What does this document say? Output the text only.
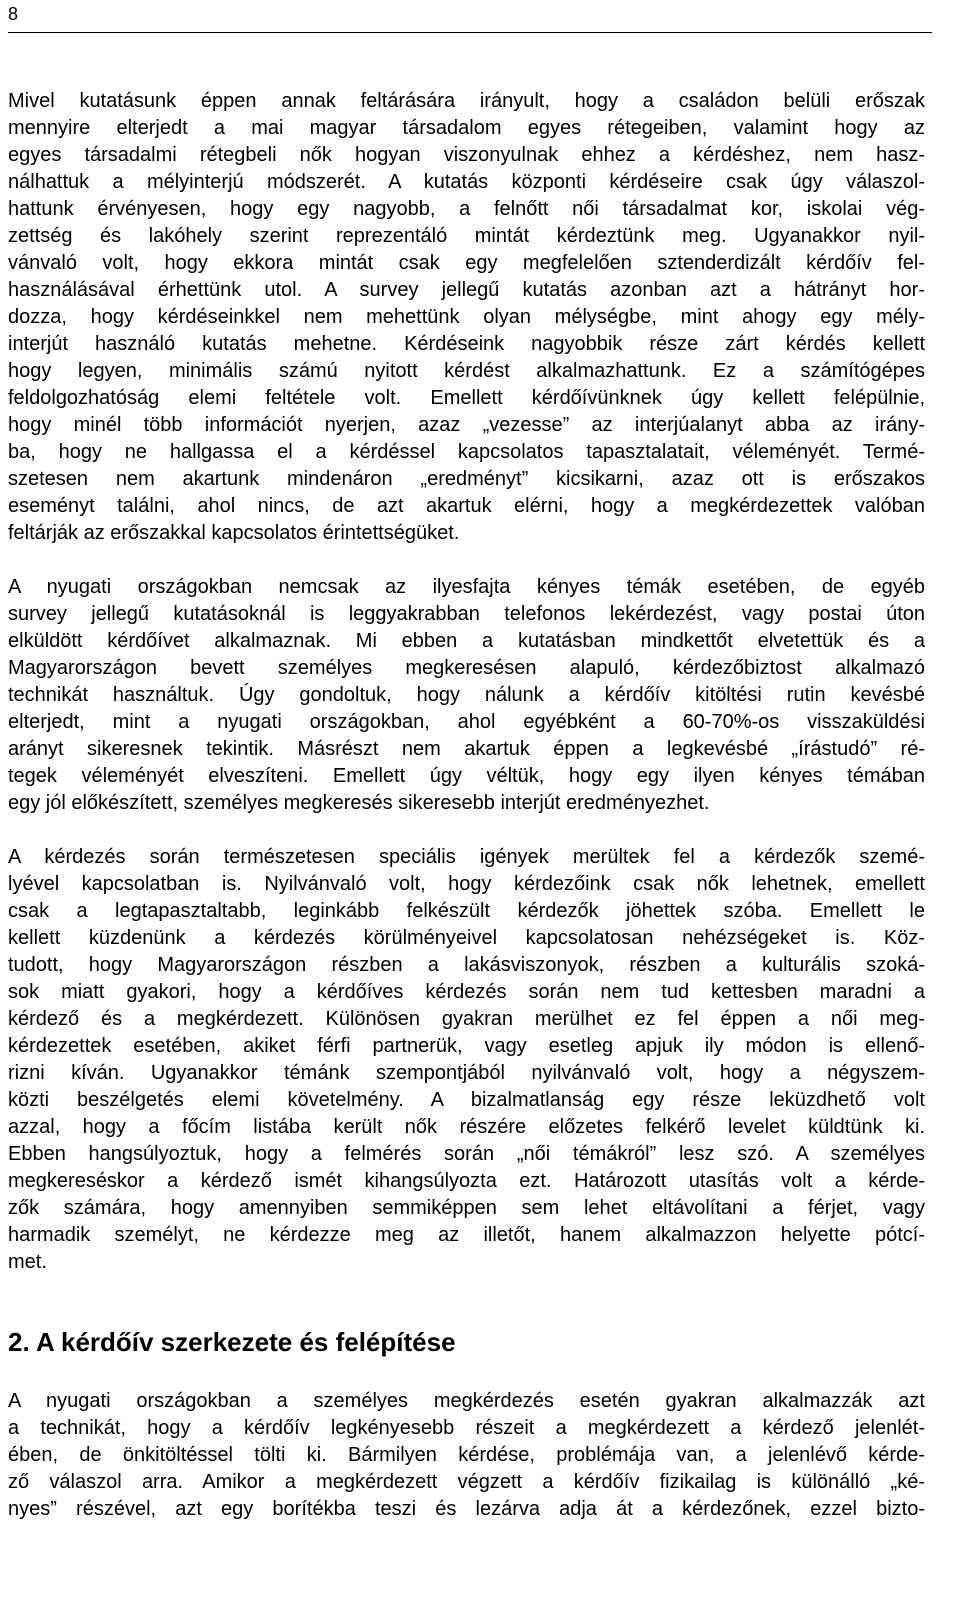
8

Mivel kutatásunk éppen annak feltárására irányult, hogy a családon belüli erőszak
mennyire elterjedt a mai magyar társadalom egyes rétegeiben, valamint hogy az
egyes társadalmi rétegbeli nők hogyan viszonyulnak ehhez a kérdéshez, nem hasz-
nálhattuk a mélyinterjú módszerét. A kutatás központi kérdéseire csak úgy válaszol-
hattunk érvényesen, hogy egy nagyobb, a felnőtt női társadalmat kor, iskolai vég-
zettség és lakóhely szerint reprezentáló mintát kérdeztünk meg. Ugyanakkor nyil-
vánvaló volt, hogy ekkora mintát csak egy megfelelően sztenderdizált kérdőív fel-
használásával érhettünk utol. A survey jellegű kutatás azonban azt a hátrányt hor-
dozza, hogy kérdéseinkkel nem mehettünk olyan mélységbe, mint ahogy egy mély-
interjút használó kutatás mehetne. Kérdéseink nagyobbik része zárt kérdés kellett
hogy legyen, minimális számú nyitott kérdést alkalmazhattunk. Ez a számítógépes
feldolgozhatóság elemi feltétele volt. Emellett kérdőívünknek úgy kellett felépülnie,
hogy minél több információt nyerjen, azaz „vezesse” az interjúalanyt abba az irány-
ba, hogy ne hallgassa el a kérdéssel kapcsolatos tapasztalatait, véleményét. Termé-
szetesen nem akartunk mindenáron „eredményt” kicsikarni, azaz ott is erőszakos
eseményt találni, ahol nincs, de azt akartuk elérni, hogy a megkérdezettek valóban
feltárják az erőszakkal kapcsolatos érintettségüket.

A nyugati országokban nemcsak az ilyesfajta kényes témák esetében, de egyéb
survey jellegű kutatásoknál is leggyakrabban telefonos lekérdezést, vagy postai úton
elküldött kérdőívet alkalmaznak. Mi ebben a kutatásban mindkettőt elvetettük és a
Magyarországon bevett személyes megkeresésen alapuló, kérdezőbiztost alkalmazó
technikát használtuk. Úgy gondoltuk, hogy nálunk a kérdőív kitöltési rutin kevésbé
elterjedt, mint a nyugati országokban, ahol egyébként a 60-70%-os visszaküldési
arányt sikeresnek tekintik. Másrészt nem akartuk éppen a legkevésbé „írástudó” ré-
tegek véleményét elveszíteni. Emellett úgy véltük, hogy egy ilyen kényes témában
egy jól előkészített, személyes megkeresés sikeresebb interjút eredményezhet.

A kérdezés során természetesen speciális igények merültek fel a kérdezők szemé-
lyével kapcsolatban is. Nyilvánvaló volt, hogy kérdezőink csak nők lehetnek, emellett
csak a legtapasztaltabb, leginkább felkészült kérdezők jöhettek szóba. Emellett le
kellett küzdenünk a kérdezés körülményeivel kapcsolatosan nehézségeket is. Köz-
tudott, hogy Magyarországon részben a lakásviszonyok, részben a kulturális szoká-
sok miatt gyakori, hogy a kérdőíves kérdezés során nem tud kettesben maradni a
kérdező és a megkérdezett. Különösen gyakran merülhet ez fel éppen a női meg-
kérdezettek esetében, akiket férfi partnerük, vagy esetleg apjuk ily módon is ellenő-
rizni kíván. Ugyanakkor témánk szempontjából nyilvánvaló volt, hogy a négyszem-
közti beszélgetés elemi követelmény. A bizalmatlanság egy része leküzdhető volt
azzal, hogy a főcím listába került nők részére előzetes felkérő levelet küldtünk ki.
Ebben hangsúlyoztuk, hogy a felmérés során „női témákról” lesz szó. A személyes
megkereséskor a kérdező ismét kihangsúlyozta ezt. Határozott utasítás volt a kérde-
zők számára, hogy amennyiben semmiképpen sem lehet eltávolítani a férjet, vagy
harmadik személyt, ne kérdezze meg az illetőt, hanem alkalmazzon helyette pótcí-
met.

2. A kérdőív szerkezete és felépítése

A nyugati országokban a személyes megkérdezés esetén gyakran alkalmazzák azt
a technikát, hogy a kérdőív legkényesebb részeit a megkérdezett a kérdező jelenlét-
ében, de önkitöltéssel tölti ki. Bármilyen kérdése, problémája van, a jelenlévő kérde-
ző válaszol arra. Amikor a megkérdezett végzett a kérdőív fizikailag is különálló „ké-
nyes” részével, azt egy borítékba teszi és lezárva adja át a kérdezőnek, ezzel bizto-
